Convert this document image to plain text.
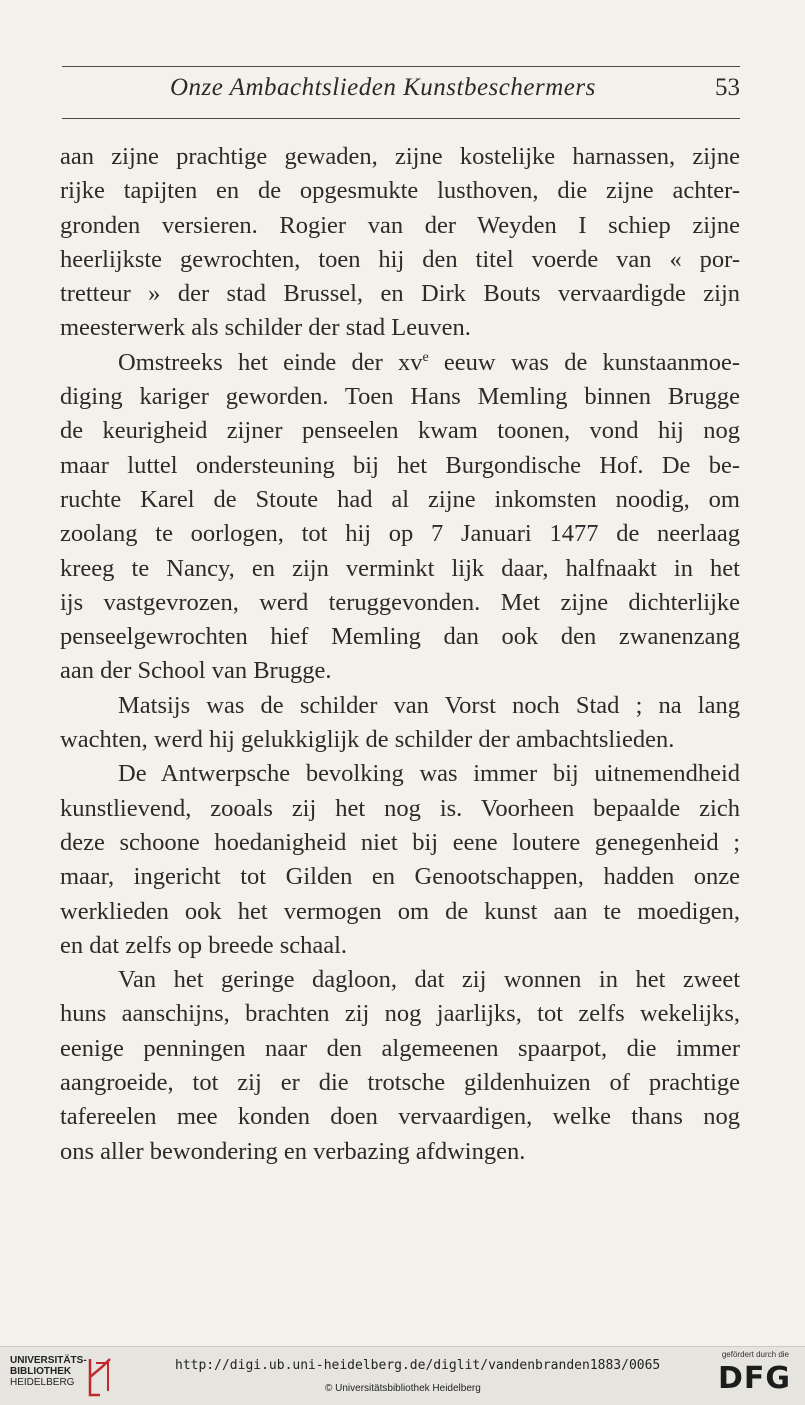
Onze Ambachtslieden Kunstbeschermers	53
aan zijne prachtige gewaden, zijne kostelijke harnassen, zijne
rijke tapijten en de opgesmukte lusthoven, die zijne achter-
gronden versieren. Rogier van der Weyden I schiep zijne
heerlijkste gewrochten, toen hij den titel voerde van « por-
tretteur » der stad Brussel, en Dirk Bouts vervaardigde zijn
meesterwerk als schilder der stad Leuven.
Omstreeks het einde der $xv^e$ eeuw was de kunstaanmoe-
diging kariger geworden. Toen Hans Memling binnen Brugge
de keurigheid zijner penseelen kwam toonen, vond hij nog
maar luttel ondersteuning bij het Burgondische Hof. De be-
ruchte Karel de Stoute had al zijne inkomsten noodig, om
zoolang te oorlogen, tot hij op 7 Januari 1477 de neerlaag
kreeg te Nancy, en zijn verminkt lijk daar, halfnaakt in het
ijs vastgevrozen, werd teruggevonden. Met zijne dichterlijke
penseelgewrochten hief Memling dan ook den zwanenzang
aan der School van Brugge.
Matsijs was de schilder van Vorst noch Stad ; na lang
wachten, werd hij gelukkiglijk de schilder der ambachtslieden.
De Antwerpsche bevolking was immer bij uitnemendheid
kunstlievend, zooals zij het nog is. Voorheen bepaalde zich
deze schoone hoedanigheid niet bij eene loutere genegenheid ;
maar, ingericht tot Gilden en Genootschappen, hadden onze
werklieden ook het vermogen om de kunst aan te moedigen,
en dat zelfs op breede schaal.
Van het geringe dagloon, dat zij wonnen in het zweet
huns aanschijns, brachten zij nog jaarlijks, tot zelfs wekelijks,
eenige penningen naar den algemeenen spaarpot, die immer
aangroeide, tot zij er die trotsche gildenhuizen of prachtige
tafereelen mee konden doen vervaardigen, welke thans nog
ons aller bewondering en verbazing afdwingen.
UNIVERSITÄTS-
BIBLIOTHEK
HEIDELBERG
http://digi.ub.uni-heidelberg.de/diglit/vandenbranden1883/0065
© Universitätsbibliothek Heidelberg
gefördert durch die
DFG
